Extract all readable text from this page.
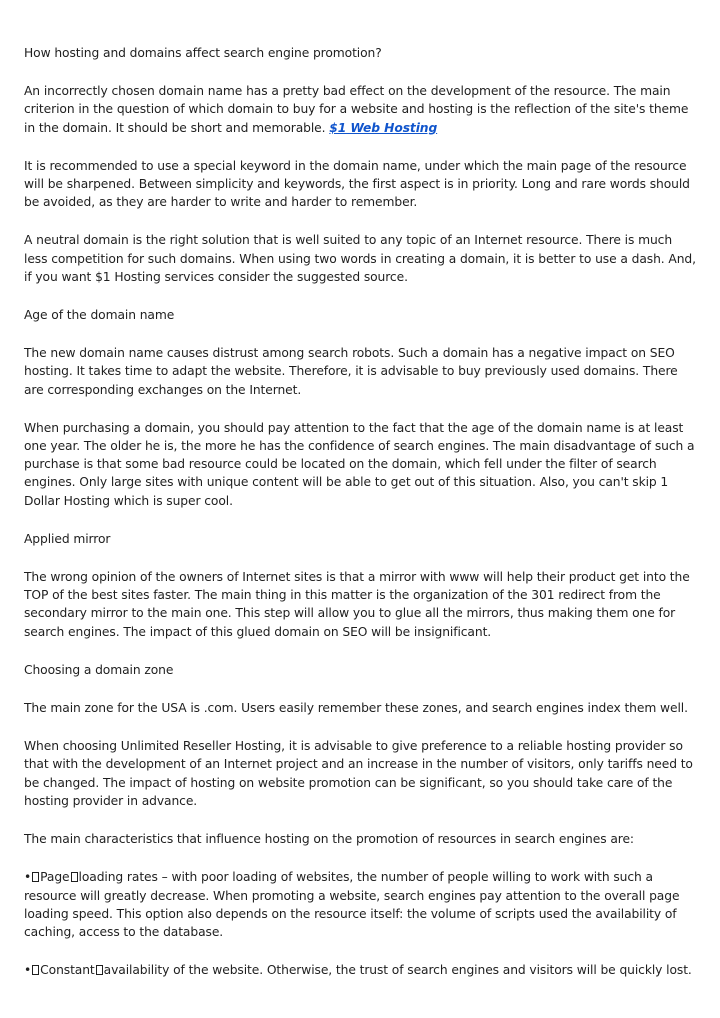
How hosting and domains affect search engine promotion?

An incorrectly chosen domain name has a pretty bad effect on the development of the resource. The main criterion in the question of which domain to buy for a website and hosting is the reflection of the site's theme in the domain. It should be short and memorable. $1 Web Hosting

It is recommended to use a special keyword in the domain name, under which the main page of the resource will be sharpened. Between simplicity and keywords, the first aspect is in priority. Long and rare words should be avoided, as they are harder to write and harder to remember.

A neutral domain is the right solution that is well suited to any topic of an Internet resource. There is much less competition for such domains. When using two words in creating a domain, it is better to use a dash. And, if you want $1 Hosting services consider the suggested source.

Age of the domain name

The new domain name causes distrust among search robots. Such a domain has a negative impact on SEO hosting. It takes time to adapt the website. Therefore, it is advisable to buy previously used domains. There are corresponding exchanges on the Internet.

When purchasing a domain, you should pay attention to the fact that the age of the domain name is at least one year. The older he is, the more he has the confidence of search engines. The main disadvantage of such a purchase is that some bad resource could be located on the domain, which fell under the filter of search engines. Only large sites with unique content will be able to get out of this situation. Also, you can't skip 1 Dollar Hosting which is super cool.

Applied mirror

The wrong opinion of the owners of Internet sites is that a mirror with www will help their product get into the TOP of the best sites faster. The main thing in this matter is the organization of the 301 redirect from the secondary mirror to the main one. This step will allow you to glue all the mirrors, thus making them one for search engines. The impact of this glued domain on SEO will be insignificant.

Choosing a domain zone

The main zone for the USA is .com. Users easily remember these zones, and search engines index them well.

When choosing Unlimited Reseller Hosting, it is advisable to give preference to a reliable hosting provider so that with the development of an Internet project and an increase in the number of visitors, only tariffs need to be changed. The impact of hosting on website promotion can be significant, so you should take care of the hosting provider in advance.

The main characteristics that influence hosting on the promotion of resources in search engines are:

• Page loading rates – with poor loading of websites, the number of people willing to work with such a resource will greatly decrease. When promoting a website, search engines pay attention to the overall page loading speed. This option also depends on the resource itself: the volume of scripts used the availability of caching, access to the database.

• Constant availability of the website. Otherwise, the trust of search engines and visitors will be quickly lost.
